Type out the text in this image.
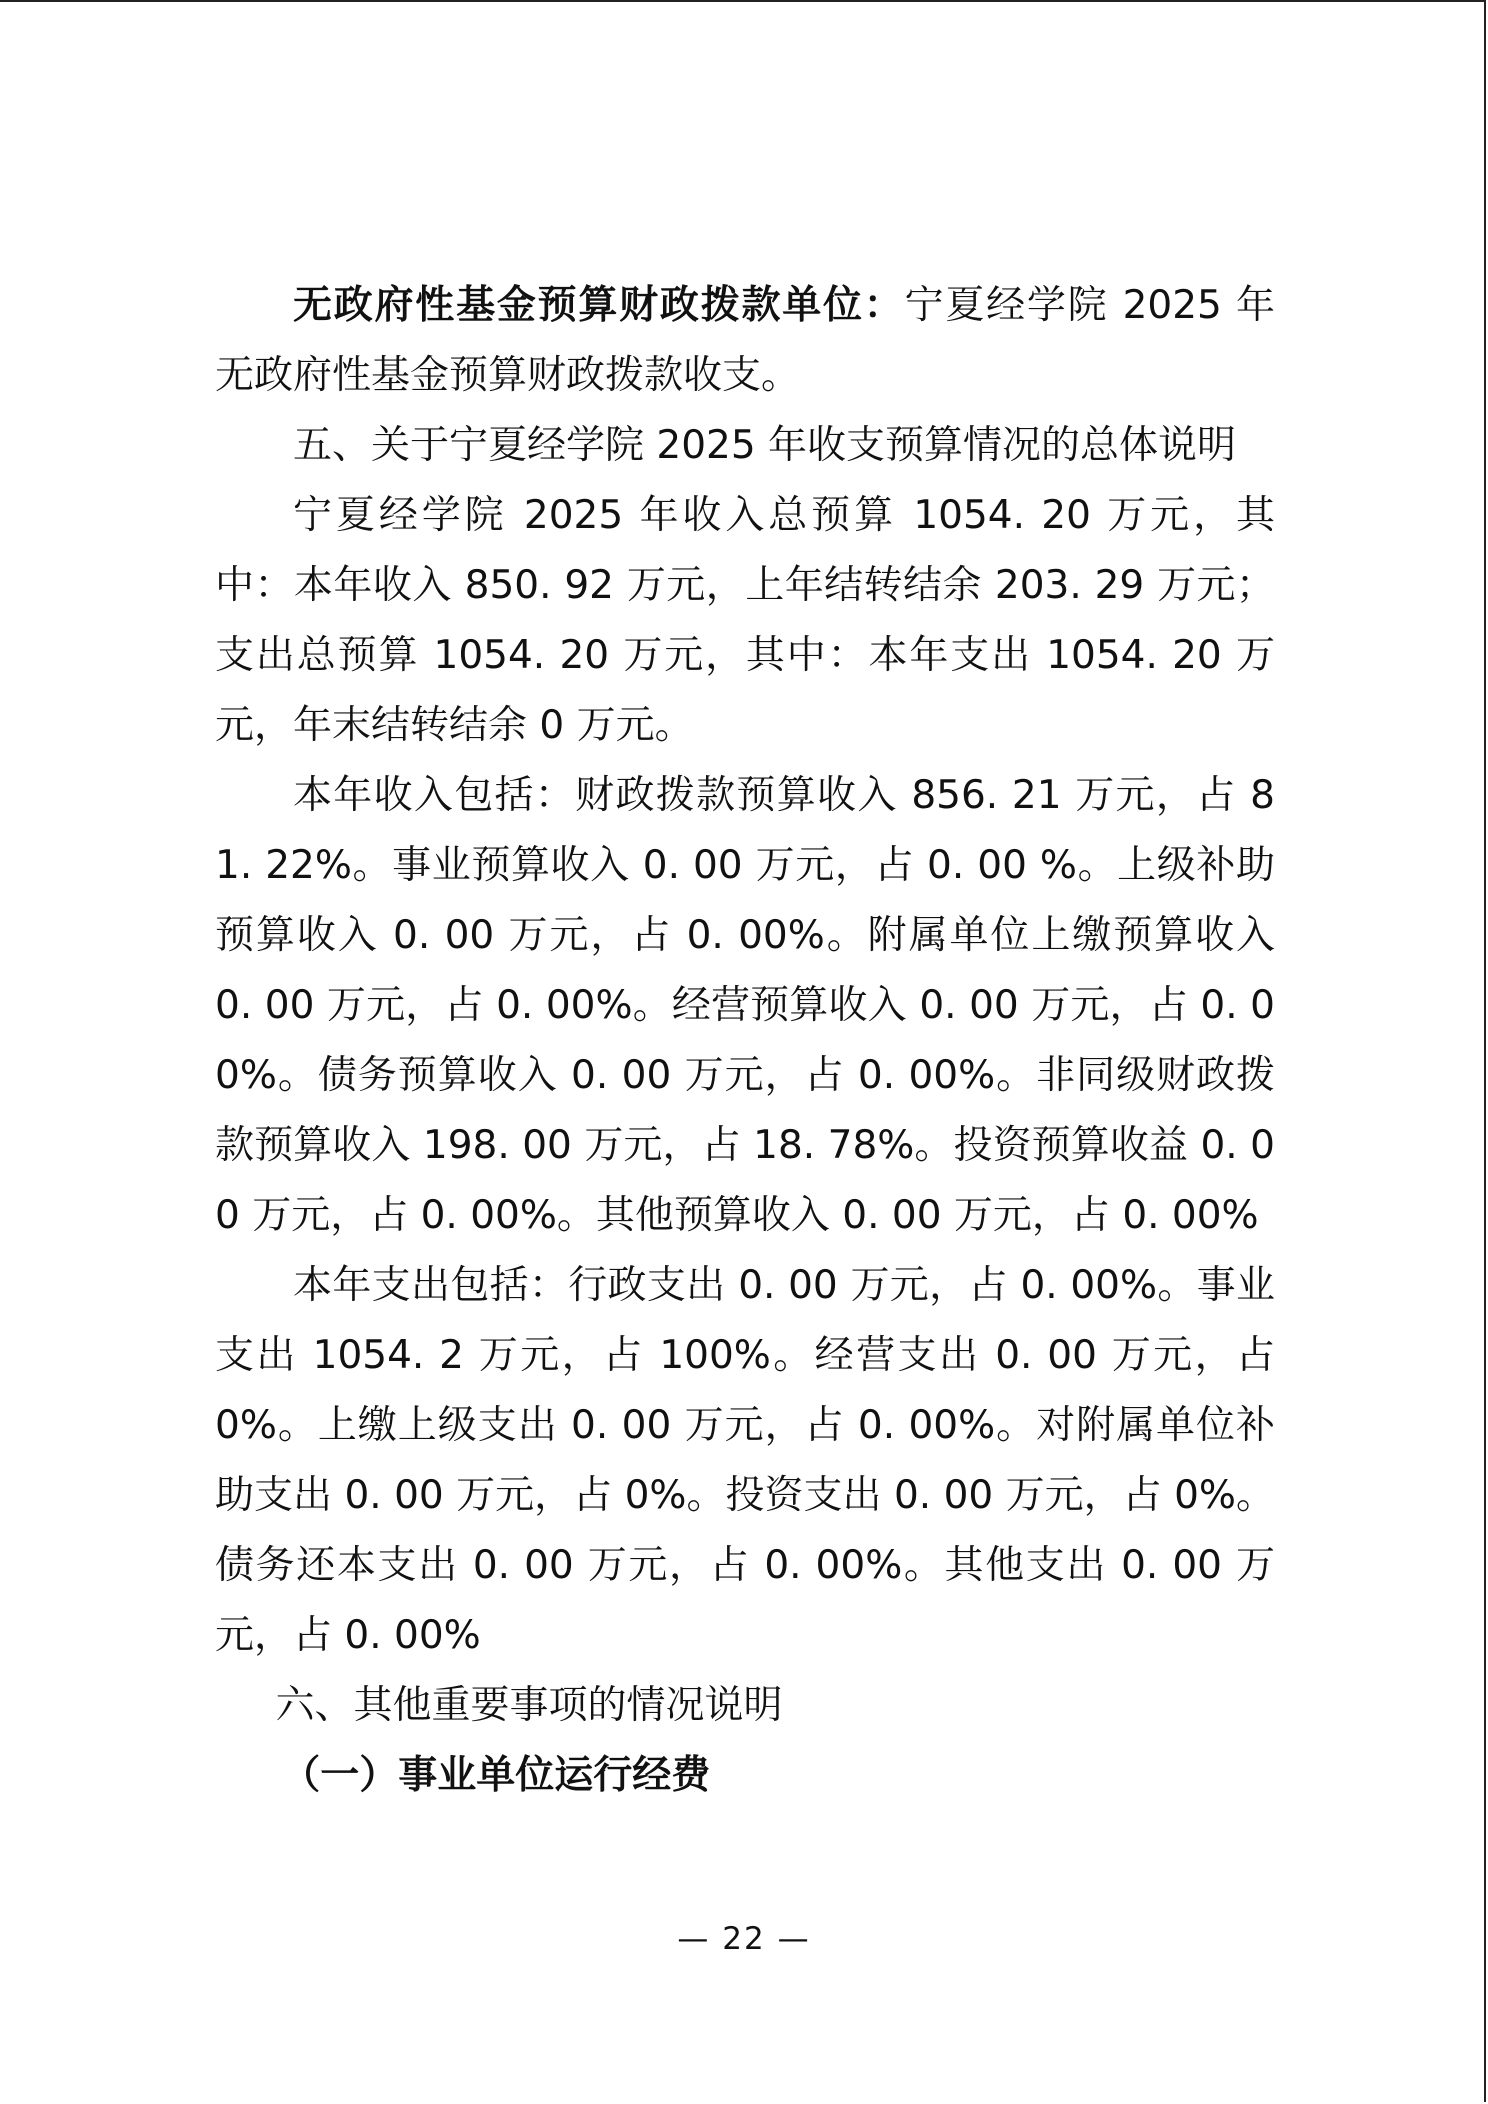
无政府性基金预算财政拨款单位：宁夏经学院 2025 年无政府性基金预算财政拨款收支。

五、关于宁夏经学院 2025 年收支预算情况的总体说明

宁夏经学院 2025 年收入总预算 1054. 20 万元，其中：本年收入 850. 92 万元，上年结转结余 203. 29 万元；支出总预算 1054. 20 万元，其中：本年支出 1054. 20 万元，年末结转结余 0 万元。

本年收入包括：财政拨款预算收入 856. 21 万元，占 81. 22%。事业预算收入 0. 00 万元，占 0. 00 %。上级补助预算收入 0. 00 万元，占 0. 00%。附属单位上缴预算收入 0. 00 万元，占 0. 00%。经营预算收入 0. 00 万元，占 0. 00%。债务预算收入 0. 00 万元，占 0. 00%。非同级财政拨款预算收入 198. 00 万元，占 18. 78%。投资预算收益 0. 00 万元，占 0. 00%。其他预算收入 0. 00 万元，占 0. 00%

本年支出包括：行政支出 0. 00 万元，占 0. 00%。事业支出 1054. 2 万元，占 100%。经营支出 0. 00 万元，占 0%。上缴上级支出 0. 00 万元，占 0. 00%。对附属单位补助支出 0. 00 万元，占 0%。投资支出 0. 00 万元，占 0%。债务还本支出 0. 00 万元，占 0. 00%。其他支出 0. 00 万元，占 0. 00%

六、其他重要事项的情况说明

（一）事业单位运行经费

— 22 —
